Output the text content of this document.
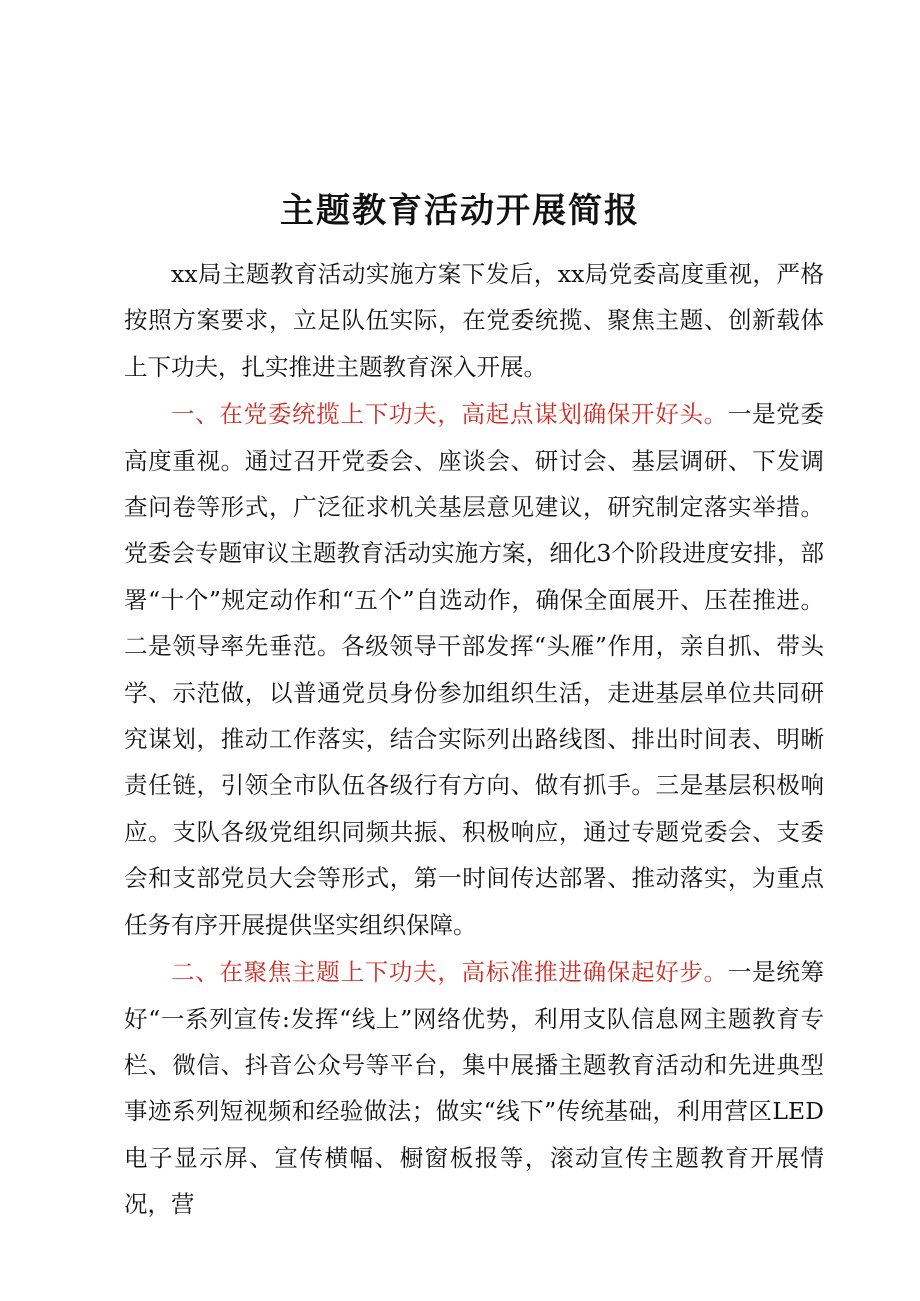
主题教育活动开展简报

xx局主题教育活动实施方案下发后，xx局党委高度重视，严格按照方案要求，立足队伍实际，在党委统揽、聚焦主题、创新载体上下功夫，扎实推进主题教育深入开展。

一、在党委统揽上下功夫，高起点谋划确保开好头。一是党委高度重视。通过召开党委会、座谈会、研讨会、基层调研、下发调查问卷等形式，广泛征求机关基层意见建议，研究制定落实举措。党委会专题审议主题教育活动实施方案，细化3个阶段进度安排，部署“十个”规定动作和“五个”自选动作，确保全面展开、压茬推进。二是领导率先垂范。各级领导干部发挥“头雁”作用，亲自抓、带头学、示范做，以普通党员身份参加组织生活，走进基层单位共同研究谋划，推动工作落实，结合实际列出路线图、排出时间表、明晰责任链，引领全市队伍各级行有方向、做有抓手。三是基层积极响应。支队各级党组织同频共振、积极响应，通过专题党委会、支委会和支部党员大会等形式，第一时间传达部署、推动落实，为重点任务有序开展提供坚实组织保障。

二、在聚焦主题上下功夫，高标准推进确保起好步。一是统筹好“一系列宣传:发挥“线上”网络优势，利用支队信息网主题教育专栏、微信、抖音公众号等平台，集中展播主题教育活动和先进典型事迹系列短视频和经验做法；做实“线下”传统基础，利用营区LED电子显示屏、宣传横幅、橱窗板报等，滚动宣传主题教育开展情况，营
